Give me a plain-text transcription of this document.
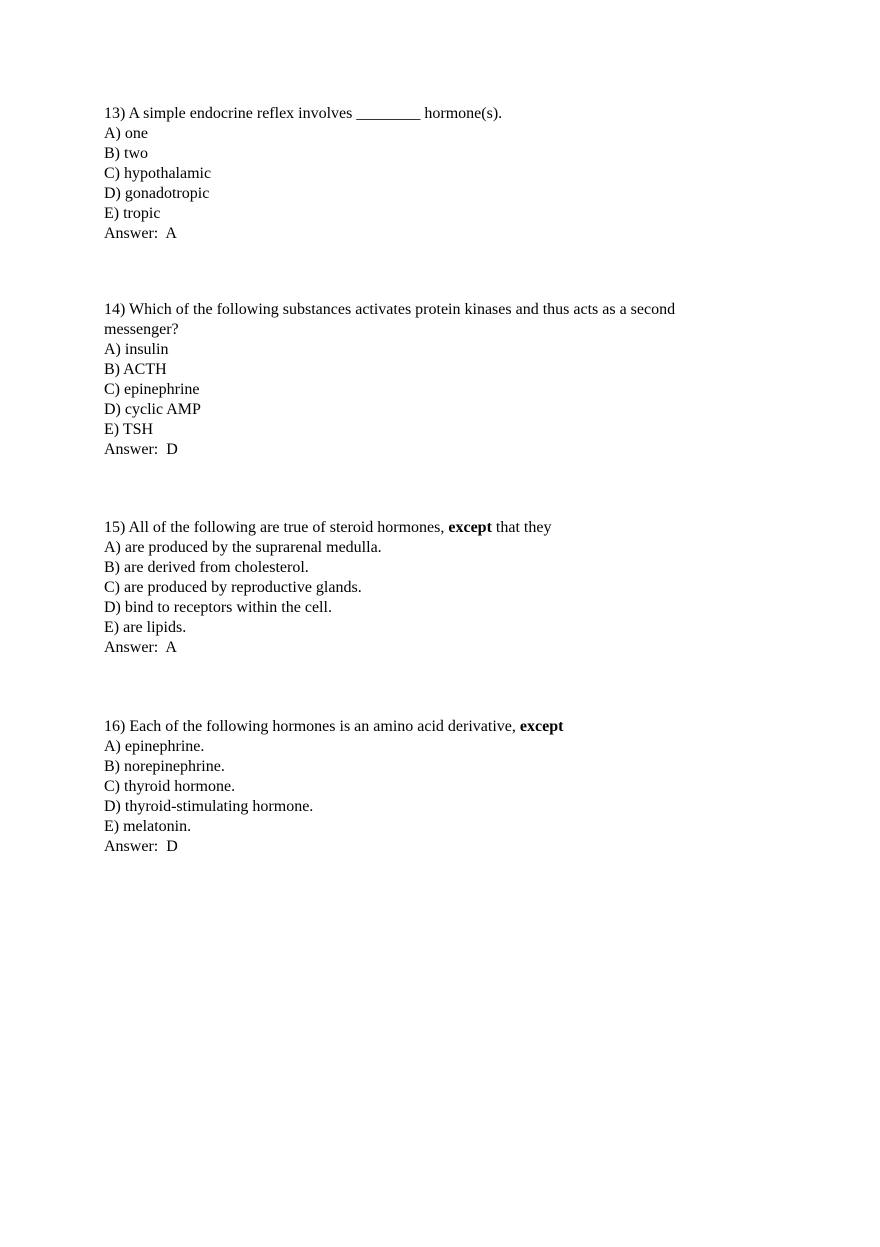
13) A simple endocrine reflex involves ________ hormone(s).
A) one
B) two
C) hypothalamic
D) gonadotropic
E) tropic
Answer:  A
14) Which of the following substances activates protein kinases and thus acts as a second messenger?
A) insulin
B) ACTH
C) epinephrine
D) cyclic AMP
E) TSH
Answer:  D
15) All of the following are true of steroid hormones, except that they
A) are produced by the suprarenal medulla.
B) are derived from cholesterol.
C) are produced by reproductive glands.
D) bind to receptors within the cell.
E) are lipids.
Answer:  A
16) Each of the following hormones is an amino acid derivative, except
A) epinephrine.
B) norepinephrine.
C) thyroid hormone.
D) thyroid-stimulating hormone.
E) melatonin.
Answer:  D
